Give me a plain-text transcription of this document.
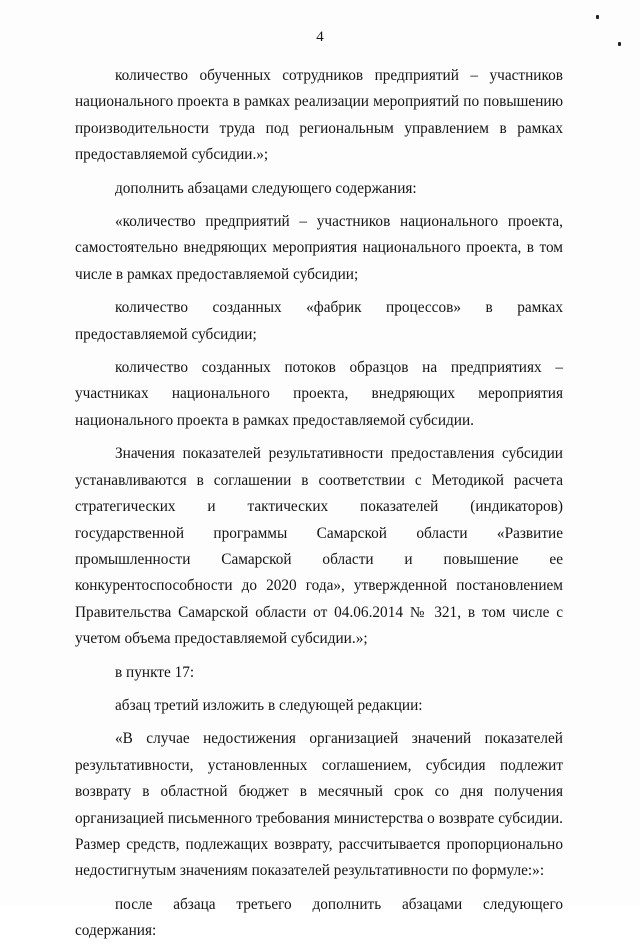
4

количество обученных сотрудников предприятий – участников национального проекта в рамках реализации мероприятий по повышению производительности труда под региональным управлением в рамках предоставляемой субсидии.»;

дополнить абзацами следующего содержания:

«количество предприятий – участников национального проекта, самостоятельно внедряющих мероприятия национального проекта, в том числе в рамках предоставляемой субсидии;

количество созданных «фабрик процессов» в рамках предоставляемой субсидии;

количество созданных потоков образцов на предприятиях – участниках национального проекта, внедряющих мероприятия национального проекта в рамках предоставляемой субсидии.

Значения показателей результативности предоставления субсидии устанавливаются в соглашении в соответствии с Методикой расчета стратегических и тактических показателей (индикаторов) государственной программы Самарской области «Развитие промышленности Самарской области и повышение ее конкурентоспособности до 2020 года», утвержденной постановлением Правительства Самарской области от 04.06.2014 № 321, в том числе с учетом объема предоставляемой субсидии.»;

в пункте 17:

абзац третий изложить в следующей редакции:

«В случае недостижения организацией значений показателей результативности, установленных соглашением, субсидия подлежит возврату в областной бюджет в месячный срок со дня получения организацией письменного требования министерства о возврате субсидии. Размер средств, подлежащих возврату, рассчитывается пропорционально недостигнутым значениям показателей результативности по формуле:»:

после абзаца третьего дополнить абзацами следующего содержания:
